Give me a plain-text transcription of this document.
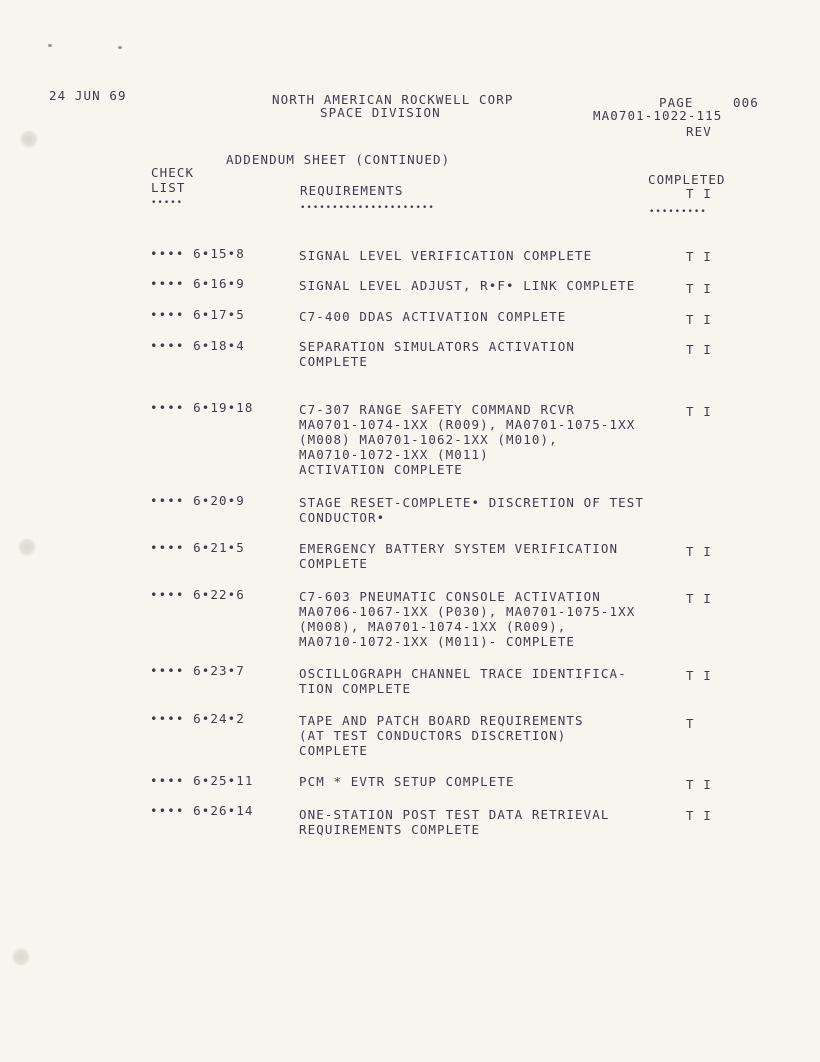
24 JUN 69	NORTH AMERICAN ROCKWELL CORP
SPACE DIVISION
PAGE	006
MA0701-1022-115
REV
ADDENDUM SHEET (CONTINUED)
CHECK
LIST
•••••
REQUIREMENTS
•••••••••••••••••••••
COMPLETED
T I
•••••••••
•••• 6•15•8	SIGNAL LEVEL VERIFICATION COMPLETE	T I
•••• 6•16•9	SIGNAL LEVEL ADJUST, R•F• LINK COMPLETE	T I
•••• 6•17•5	C7-400 DDAS ACTIVATION COMPLETE	T I
•••• 6•18•4	SEPARATION SIMULATORS ACTIVATION
COMPLETE
T I
•••• 6•19•18	C7-307 RANGE SAFETY COMMAND RCVR
MA0701-1074-1XX (R009), MA0701-1075-1XX
(M008) MA0701-1062-1XX (M010),
MA0710-1072-1XX (M011)
ACTIVATION COMPLETE
T I
•••• 6•20•9	STAGE RESET-COMPLETE• DISCRETION OF TEST
CONDUCTOR•
•••• 6•21•5	EMERGENCY BATTERY SYSTEM VERIFICATION
COMPLETE
T I
•••• 6•22•6	C7-603 PNEUMATIC CONSOLE ACTIVATION
MA0706-1067-1XX (P030), MA0701-1075-1XX
(M008), MA0701-1074-1XX (R009),
MA0710-1072-1XX (M011)- COMPLETE
T I
•••• 6•23•7	OSCILLOGRAPH CHANNEL TRACE IDENTIFICA-
TION COMPLETE
T I
•••• 6•24•2	TAPE AND PATCH BOARD REQUIREMENTS
(AT TEST CONDUCTORS DISCRETION)
COMPLETE
T
•••• 6•25•11	PCM * EVTR SETUP COMPLETE	T I
•••• 6•26•14	ONE-STATION POST TEST DATA RETRIEVAL
REQUIREMENTS COMPLETE
T I
